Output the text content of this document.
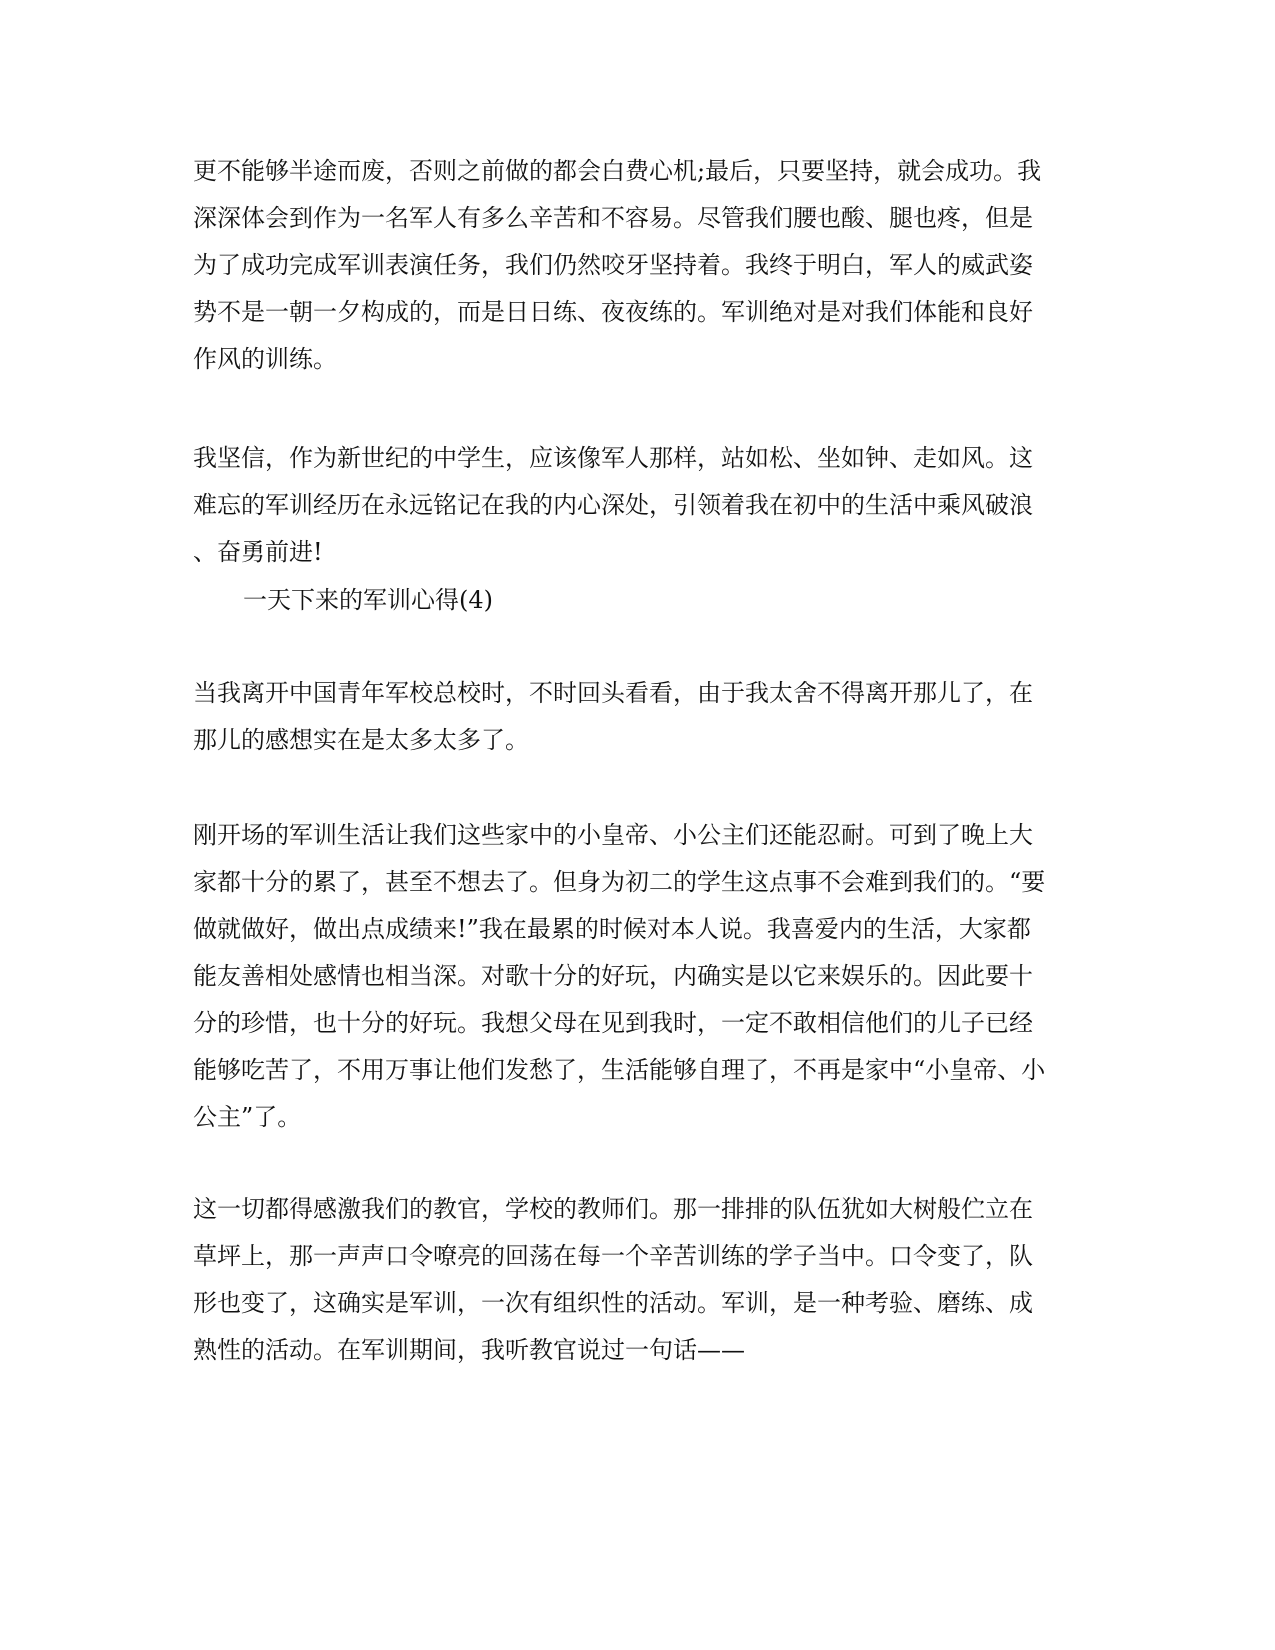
更不能够半途而废，否则之前做的都会白费心机;最后，只要坚持，就会成功。我
深深体会到作为一名军人有多么辛苦和不容易。尽管我们腰也酸、腿也疼，但是
为了成功完成军训表演任务，我们仍然咬牙坚持着。我终于明白，军人的威武姿
势不是一朝一夕构成的，而是日日练、夜夜练的。军训绝对是对我们体能和良好
作风的训练。
我坚信，作为新世纪的中学生，应该像军人那样，站如松、坐如钟、走如风。这
难忘的军训经历在永远铭记在我的内心深处，引领着我在初中的生活中乘风破浪
、奋勇前进!
一天下来的军训心得(4)
当我离开中国青年军校总校时，不时回头看看，由于我太舍不得离开那儿了，在
那儿的感想实在是太多太多了。
刚开场的军训生活让我们这些家中的小皇帝、小公主们还能忍耐。可到了晚上大
家都十分的累了，甚至不想去了。但身为初二的学生这点事不会难到我们的。“要
做就做好，做出点成绩来!”我在最累的时候对本人说。我喜爱内的生活，大家都
能友善相处感情也相当深。对歌十分的好玩，内确实是以它来娱乐的。因此要十
分的珍惜，也十分的好玩。我想父母在见到我时，一定不敢相信他们的儿子已经
能够吃苦了，不用万事让他们发愁了，生活能够自理了，不再是家中“小皇帝、小
公主”了。
这一切都得感激我们的教官，学校的教师们。那一排排的队伍犹如大树般伫立在
草坪上，那一声声口令嘹亮的回荡在每一个辛苦训练的学子当中。口令变了，队
形也变了，这确实是军训，一次有组织性的活动。军训，是一种考验、磨练、成
熟性的活动。在军训期间，我听教官说过一句话——
